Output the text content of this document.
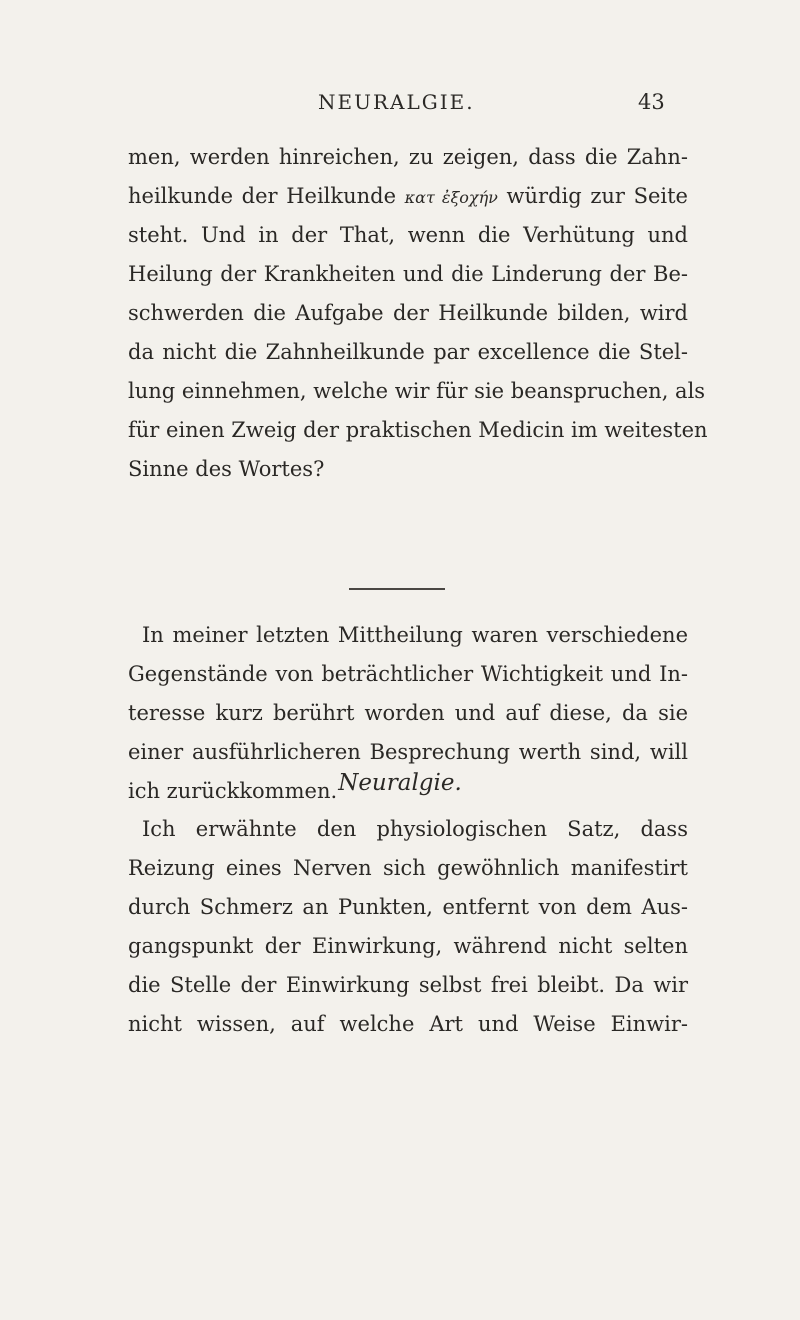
NEURALGIE.	43
men, werden hinreichen, zu zeigen, dass die Zahn-
heilkunde der Heilkunde κατ ἐξοχήν würdig zur Seite
steht. Und in der That, wenn die Verhütung und
Heilung der Krankheiten und die Linderung der Be-
schwerden die Aufgabe der Heilkunde bilden, wird
da nicht die Zahnheilkunde par excellence die Stel-
lung einnehmen, welche wir für sie beanspruchen, als
für einen Zweig der praktischen Medicin im weitesten
Sinne des Wortes?
In meiner letzten Mittheilung waren verschiedene
Gegenstände von beträchtlicher Wichtigkeit und In-
teresse kurz berührt worden und auf diese, da sie
einer ausführlicheren Besprechung werth sind, will
ich zurückkommen. Neuralgie.
Ich erwähnte den physiologischen Satz, dass
Reizung eines Nerven sich gewöhnlich manifestirt
durch Schmerz an Punkten, entfernt von dem Aus-
gangspunkt der Einwirkung, während nicht selten
die Stelle der Einwirkung selbst frei bleibt. Da wir
nicht wissen, auf welche Art und Weise Einwir-
